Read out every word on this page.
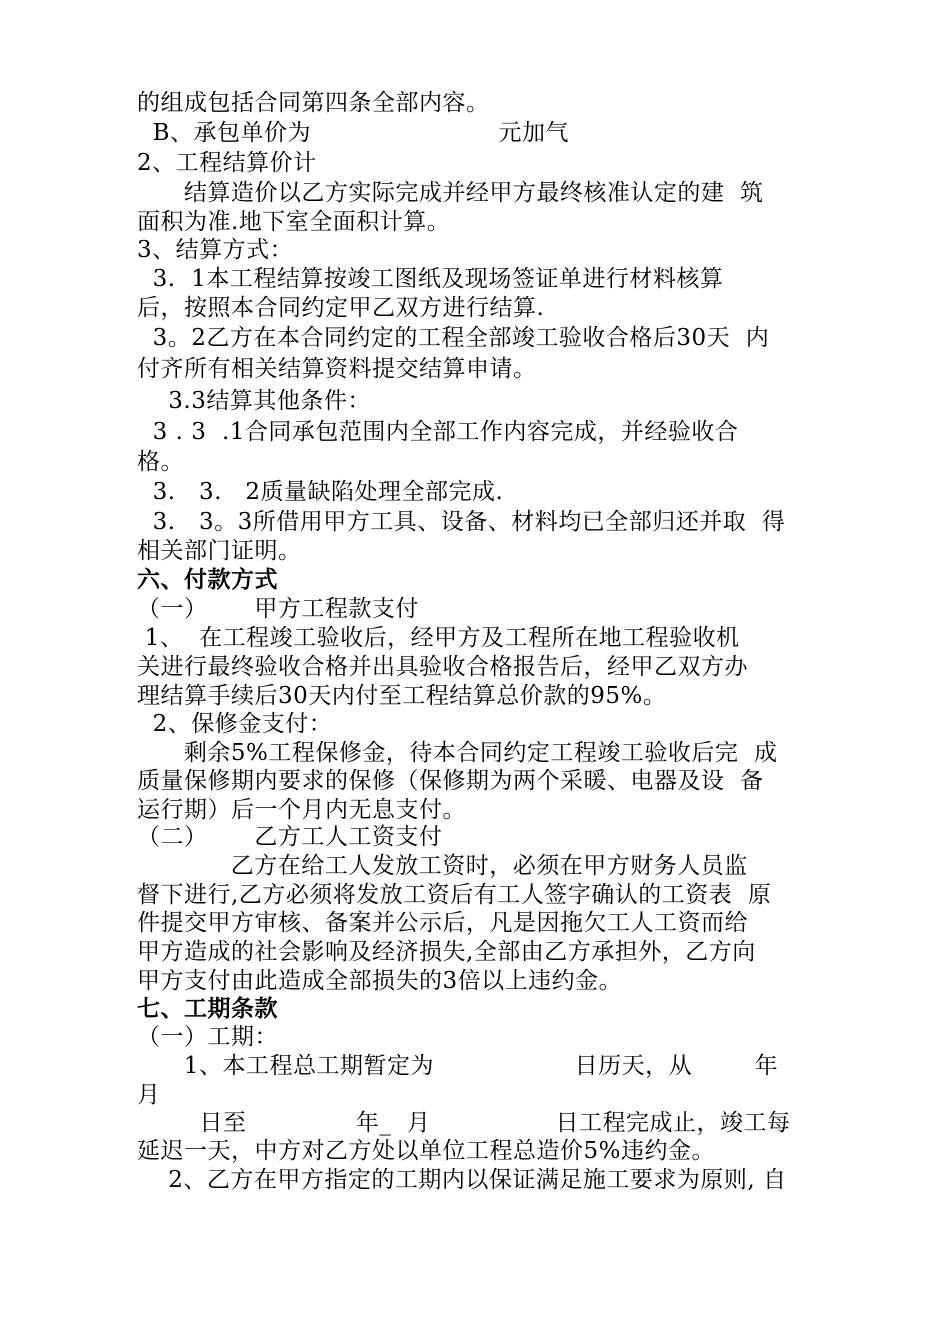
的组成包括合同第四条全部内容。
B、承包单价为                        元加气
2、工程结算价计
结算造价以乙方实际完成并经甲方最终核准认定的建  筑
面积为准.地下室全面积计算。
3、结算方式：
3.  1本工程结算按竣工图纸及现场签证单进行材料核算
后，按照本合同约定甲乙双方进行结算.
3。2乙方在本合同约定的工程全部竣工验收合格后30天  内
付齐所有相关结算资料提交结算申请。
3.3结算其他条件：
3 . 3  .1合同承包范围内全部工作内容完成，并经验收合
格。
3.   3.   2质量缺陷处理全部完成.
3.   3。3所借用甲方工具、设备、材料均已全部归还并取  得
相关部门证明。
六、付款方式
（一）      甲方工程款支付
1、  在工程竣工验收后，经甲方及工程所在地工程验收机
关进行最终验收合格并出具验收合格报告后，经甲乙双方办
理结算手续后30天内付至工程结算总价款的95%。
2、保修金支付：
剩余5%工程保修金，待本合同约定工程竣工验收后完  成
质量保修期内要求的保修（保修期为两个采暖、电器及设  备
运行期）后一个月内无息支付。
（二）      乙方工人工资支付
乙方在给工人发放工资时，必须在甲方财务人员监
督下进行,乙方必须将发放工资后有工人签字确认的工资表  原
件提交甲方审核、备案并公示后，凡是因拖欠工人工资而给
甲方造成的社会影响及经济损失,全部由乙方承担外，乙方向
甲方支付由此造成全部损失的3倍以上违约金。
七、工期条款
（一）工期：
1、本工程总工期暂定为                  日历天，从        年
月
日至              年_  月                日工程完成止，竣工每
延迟一天，中方对乙方处以单位工程总造价5%违约金。
2、乙方在甲方指定的工期内以保证满足施工要求为原则, 自
